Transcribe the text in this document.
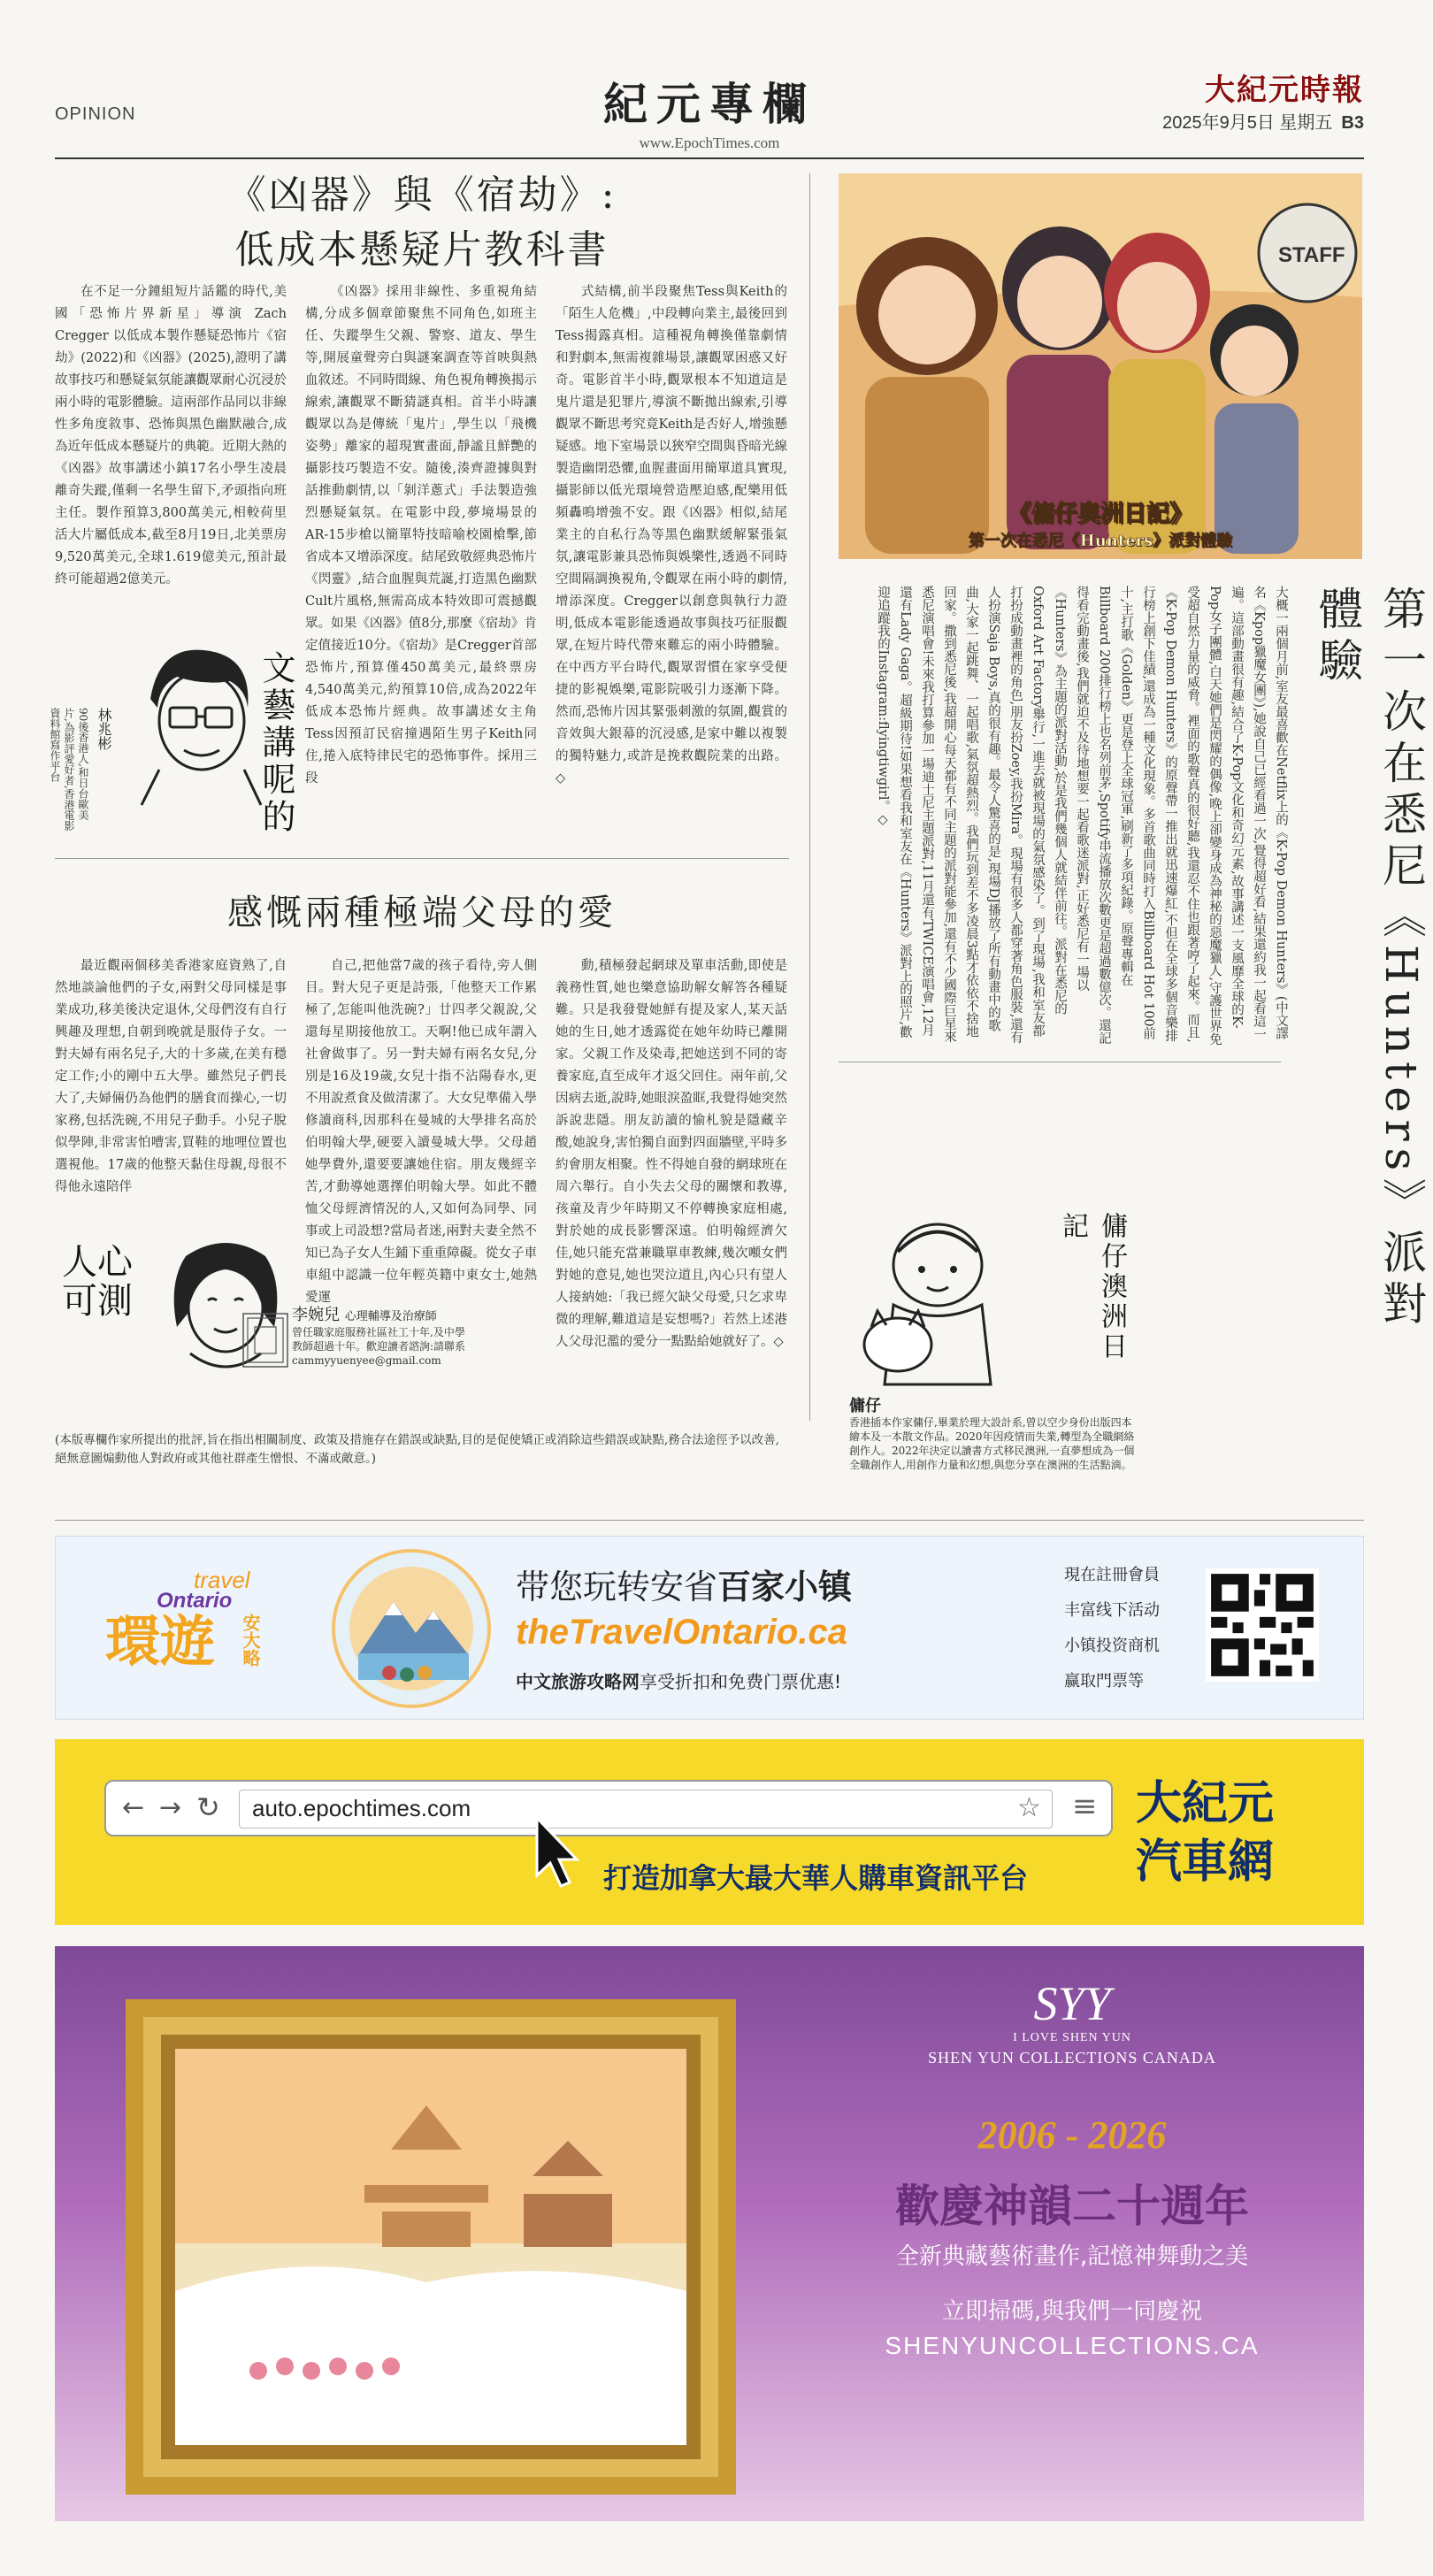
OPINION	紀元專欄
www.EpochTimes.com
大紀元時報
2025年9月5日 星期五 B3
《凶器》與《宿劫》:
低成本懸疑片教科書
在不足一分鐘組短片話鑑的時代,美國「恐怖片界新星」導演 Zach Cregger 以低成本製作懸疑恐怖片《宿劫》(2022)和《凶器》(2025),證明了講故事技巧和懸疑氣氛能讓觀眾耐心沉浸於兩小時的電影體驗。這兩部作品同以非線性多角度敘事、恐怖與黑色幽默融合,成為近年低成本懸疑片的典範。近期大熱的《凶器》故事講述小鎮17名小學生凌晨離奇失蹤,僅剩一名學生留下,矛頭指向班主任。製作預算3,800萬美元,相較荷里活大片屬低成本,截至8月19日,北美票房9,520萬美元,全球1.619億美元,預計最終可能超過2億美元。
《凶器》採用非線性、多重視角結構,分成多個章節聚焦不同角色,如班主任、失蹤學生父親、警察、道友、學生等,開展童聲旁白與謎案調查等首映與熱血敘述。不同時間線、角色視角轉換揭示線索,讓觀眾不斷猜謎真相。首半小時讓觀眾以為是傳統「鬼片」,學生以「飛機姿勢」離家的超現實畫面,靜謐且鮮艷的攝影技巧製造不安。隨後,湊齊證據與對話推動劇情,以「剝洋蔥式」手法製造強烈懸疑氣氛。在電影中段,夢境場景的AR-15步槍以簡單特技暗喻校園槍擊,節省成本又增添深度。結尾致敬經典恐怖片《閃靈》,結合血腥與荒誕,打造黑色幽默Cult片風格,無需高成本特效即可震撼觀眾。如果《凶器》值8分,那麼《宿劫》肯定值接近10分。《宿劫》是Cregger首部恐怖片,預算僅450萬美元,最終票房4,540萬美元,約預算10倍,成為2022年低成本恐怖片經典。故事講述女主角Tess因預訂民宿撞遇陌生男子Keith同住,捲入底特律民宅的恐怖事件。採用三段
式結構,前半段聚焦Tess與Keith的「陌生人危機」,中段轉向業主,最後回到Tess揭露真相。這種視角轉換僅靠劇情和對劇本,無需複雜場景,讓觀眾困惑又好奇。電影首半小時,觀眾根本不知道這是鬼片還是犯罪片,導演不斷拋出線索,引導觀眾不斷思考究竟Keith是否好人,增強懸疑感。地下室場景以狹窄空間與昏暗光線製造幽閉恐懼,血腥畫面用簡單道具實現,攝影師以低光環境營造壓迫感,配樂用低頻轟鳴增強不安。跟《凶器》相似,結尾業主的自私行為等黑色幽默緩解緊張氣氛,讓電影兼具恐怖與娛樂性,透過不同時空間隔調換視角,令觀眾在兩小時的劇情,增添深度。Cregger以創意與執行力證明,低成本電影能透過故事與技巧征服觀眾,在短片時代帶來難忘的兩小時體驗。在中西方平台時代,觀眾習慣在家享受便捷的影視娛樂,電影院吸引力逐漸下降。然而,恐怖片因其緊張刺激的氛圍,觀賞的音效與大銀幕的沉浸感,是家中難以複製的獨特魅力,或許是挽救觀院業的出路。◇
文藝講呢的
林兆彬
90後香港人,和日台歐美片,為影評愛好者,香港電影資料館寫作平台
感慨兩種極端父母的愛
最近觀兩個移美香港家庭資熟了,自然地談論他們的子女,兩對父母同樣是事業成功,移美後決定退休,父母們沒有自行興趣及理想,自朝到晚就是服侍子女。一對夫婦有兩名兒子,大的十多歲,在美有穩定工作;小的剛中五大學。雖然兒子們長大了,夫婦倆仍為他們的膳食而操心,一切家務,包括洗碗,不用兒子動手。小兒子脫似學陣,非常害怕嘈害,買鞋的地哩位置也選視他。17歲的他整天黏住母親,母很不得他永遠陪伴
自己,把他當7歲的孩子看待,旁人側目。對大兒子更是詩張,「他整天工作累極了,怎能叫他洗碗?」廿四孝父親說,父還每星期接他放工。天啊!他已成年謂入社會做事了。另一對夫婦有兩名女兒,分別是16及19歲,女兒十指不沾陽春水,更不用說煮食及做清潔了。大女兒準備入學修讀商科,因那科在曼城的大學排名高於伯明翰大學,硬要入讀曼城大學。父母趙她學費外,還要要讓她住宿。朋友幾經辛苦,才動導她選擇伯明翰大學。如此不體恤父母經濟情況的人,又如何為同學、同事或上司設想?當局者迷,兩對夫妻全然不知已為子女人生鋪下重重障礙。從女子車車組中認識一位年輕英籍中東女士,她熱愛運
動,積極發起網球及單車活動,即使是義務性質,她也樂意協助解女解答各種疑難。只是我發覺她鮮有提及家人,某天話她的生日,她才透露從在她年幼時已離開家。父親工作及染毒,把她送到不同的寄養家庭,直至成年才返父回住。兩年前,父因病去逝,說時,她眼淚盈眶,我覺得她突然訴說悲隱。朋友訪讀的愉札貌是隱藏辛酸,她說身,害怕獨自面對四面牆壁,平時多約會朋友相聚。性不得她自發的網球班在周六舉行。自小失去父母的關懷和教導,孩童及青少年時期又不停轉換家庭相處,對於她的成長影響深遠。伯明翰經濟欠佳,她只能充當兼職單車教練,幾次噸女們對她的意見,她也哭泣道且,內心只有望人人接納她:「我已經欠缺父母愛,只乞求卑微的理解,難道這是妄想嗎?」若然上述港人父母氾濫的愛分一點點給她就好了。◇
人心可測	李婉兒 心理輔導及治療師
曾任職家庭服務社區社工十年,及中學教師超過十年。歡迎讀者諮詢:請聯系
cammyyuenyee@gmail.com
(本版專欄作家所提出的批評,旨在指出相關制度、政策及措施存在錯誤或缺點,目的是促使矯正或消除這些錯誤或缺點,務合法途徑予以改善,絕無意圖煽動他人對政府或其他社群產生憎恨、不滿或敵意。)
STAFF
《傭仔奧洲日記》
第一次在悉尼《Hunters》派對體驗
第一次在悉尼《Hunters》派對體驗
大概一兩個月前,室友最喜歡在Netflix上的《K-Pop Demon Hunters》(中文譯名《Kpop獵魔女團》),她說自己已經看過一次,覺得超好看,結果還約我一起看這一遍。這部動畫很有趣,結合了K-Pop文化和奇幻元素,故事講述一支風靡全球的K-Pop女子團體,白天她們是閃耀的偶像,晚上卻變身成為神秘的惡魔獵人,守護世界免受超自然力量的威脅。裡面的歌聲真的很好聽,我還忍不住也跟著哼了起來。而且,《K-Pop Demon Hunters》的原聲帶一推出就迅速爆紅,不但在全球多個音樂排行榜上創下佳績,還成為一種文化現象。多首歌曲同時打入Billboard Hot 100前十,主打歌《Golden》更是登上全球冠軍,刷新了多項紀錄。原聲專輯在Billboard 200排行榜上也名列前茅,Spotify串流播放次數更是超過數億次。還記得看完動畫後,我們就迫不及待地想要一起看歌迷派對,正好悉尼有一場以《Hunters》為主題的派對活動,於是我們幾個人就結伴前往。派對在悉尼的Oxford Art Factory舉行,一進去就被現場的氣氛感染了。到了現場,我和室友都打扮成動畫裡的角色,朋友扮Zoey,我扮Mira。現場有很多人都穿著角色服裝,還有人扮演Saja Boys,真的很有趣。最令人驚喜的是,現場DJ播放了所有動畫中的歌曲,大家一起跳舞、一起唱歌,氣氛超熱烈。我們玩到差不多凌晨3點才依依不捨地回家。撒到悉尼後,我超開心每天都有不同主題的派對能參加,還有不少國際巨星來悉尼演唱會!未來我打算參加一場迪士尼主題派對,11月還有TWICE演唱會,12月還有Lady Gaga。超級期待!如果想看我和室友在《Hunters》派對上的照片,歡迎追蹤我的Instagram:flyingtiwgirl。◇
傭仔澳洲日記
傭仔
香港插本作家傭仔,畢業於理大設計系,曾以空少身份出版四本繪本及一本散文作品。2020年因疫情而失業,轉型為全職網絡創作人。2022年決定以讀書方式移民澳洲,一直夢想成為一個全職創作人,用創作力量和幻想,與您分享在澳洲的生活點滴。
travel
Ontario
環遊 安大略
带您玩转安省百家小镇
theTravelOntario.ca
中文旅游攻略网享受折扣和免费门票优惠!
現在註冊會員
丰富线下活动
小镇投资商机
赢取門票等
← → ↻	auto.epochtimes.com	☆ ≡
打造加拿大最大華人購車資訊平台
大紀元
汽車網
SYY
I LOVE SHEN YUN
SHEN YUN COLLECTIONS CANADA
2006 - 2026
歡慶神韻二十週年
全新典藏藝術畫作,記憶神舞動之美
立即掃碼,與我們一同慶祝
SHENYUNCOLLECTIONS.CA
